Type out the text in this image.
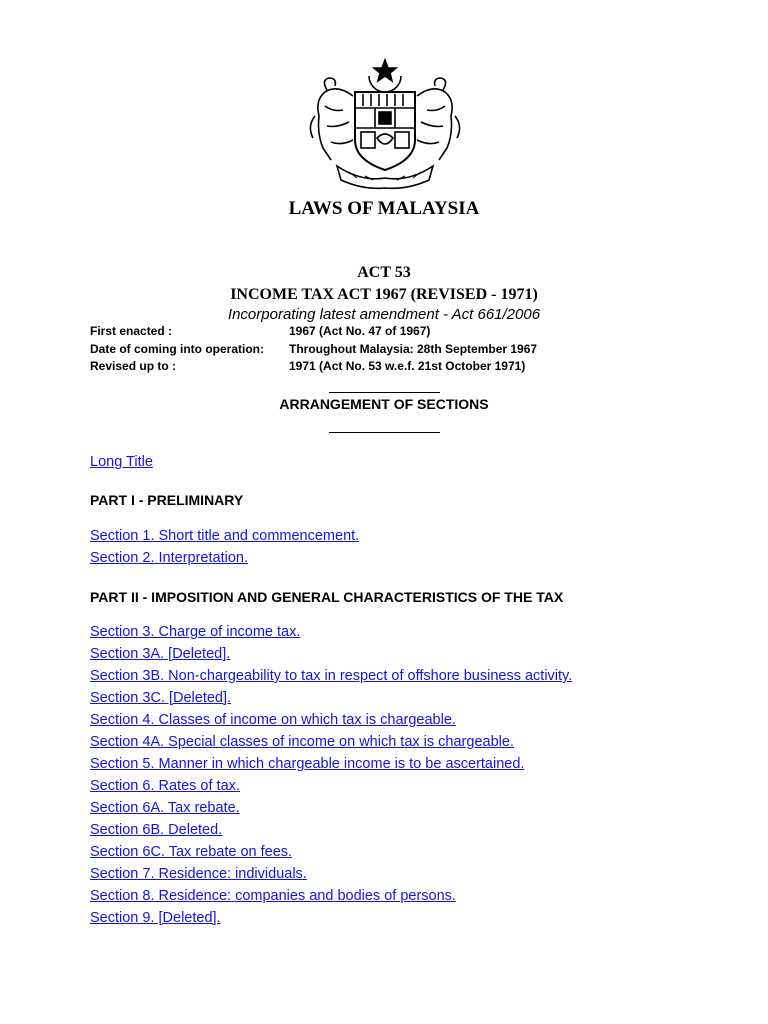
LAWS OF MALAYSIA
ACT 53
INCOME TAX ACT 1967 (REVISED - 1971)
Incorporating latest amendment - Act 661/2006
First enacted :	1967 (Act No. 47 of 1967)
Date of coming into operation: Throughout Malaysia: 28th September 1967
Revised up to :	1971 (Act No. 53 w.e.f. 21st October 1971)
ARRANGEMENT OF SECTIONS
Long Title
PART I - PRELIMINARY
Section 1. Short title and commencement.
Section 2. Interpretation.
PART II - IMPOSITION AND GENERAL CHARACTERISTICS OF THE TAX
Section 3. Charge of income tax.
Section 3A. [Deleted].
Section 3B. Non-chargeability to tax in respect of offshore business activity.
Section 3C. [Deleted].
Section 4. Classes of income on which tax is chargeable.
Section 4A. Special classes of income on which tax is chargeable.
Section 5. Manner in which chargeable income is to be ascertained.
Section 6. Rates of tax.
Section 6A. Tax rebate.
Section 6B. Deleted.
Section 6C. Tax rebate on fees.
Section 7. Residence: individuals.
Section 8. Residence: companies and bodies of persons.
Section 9. [Deleted].
